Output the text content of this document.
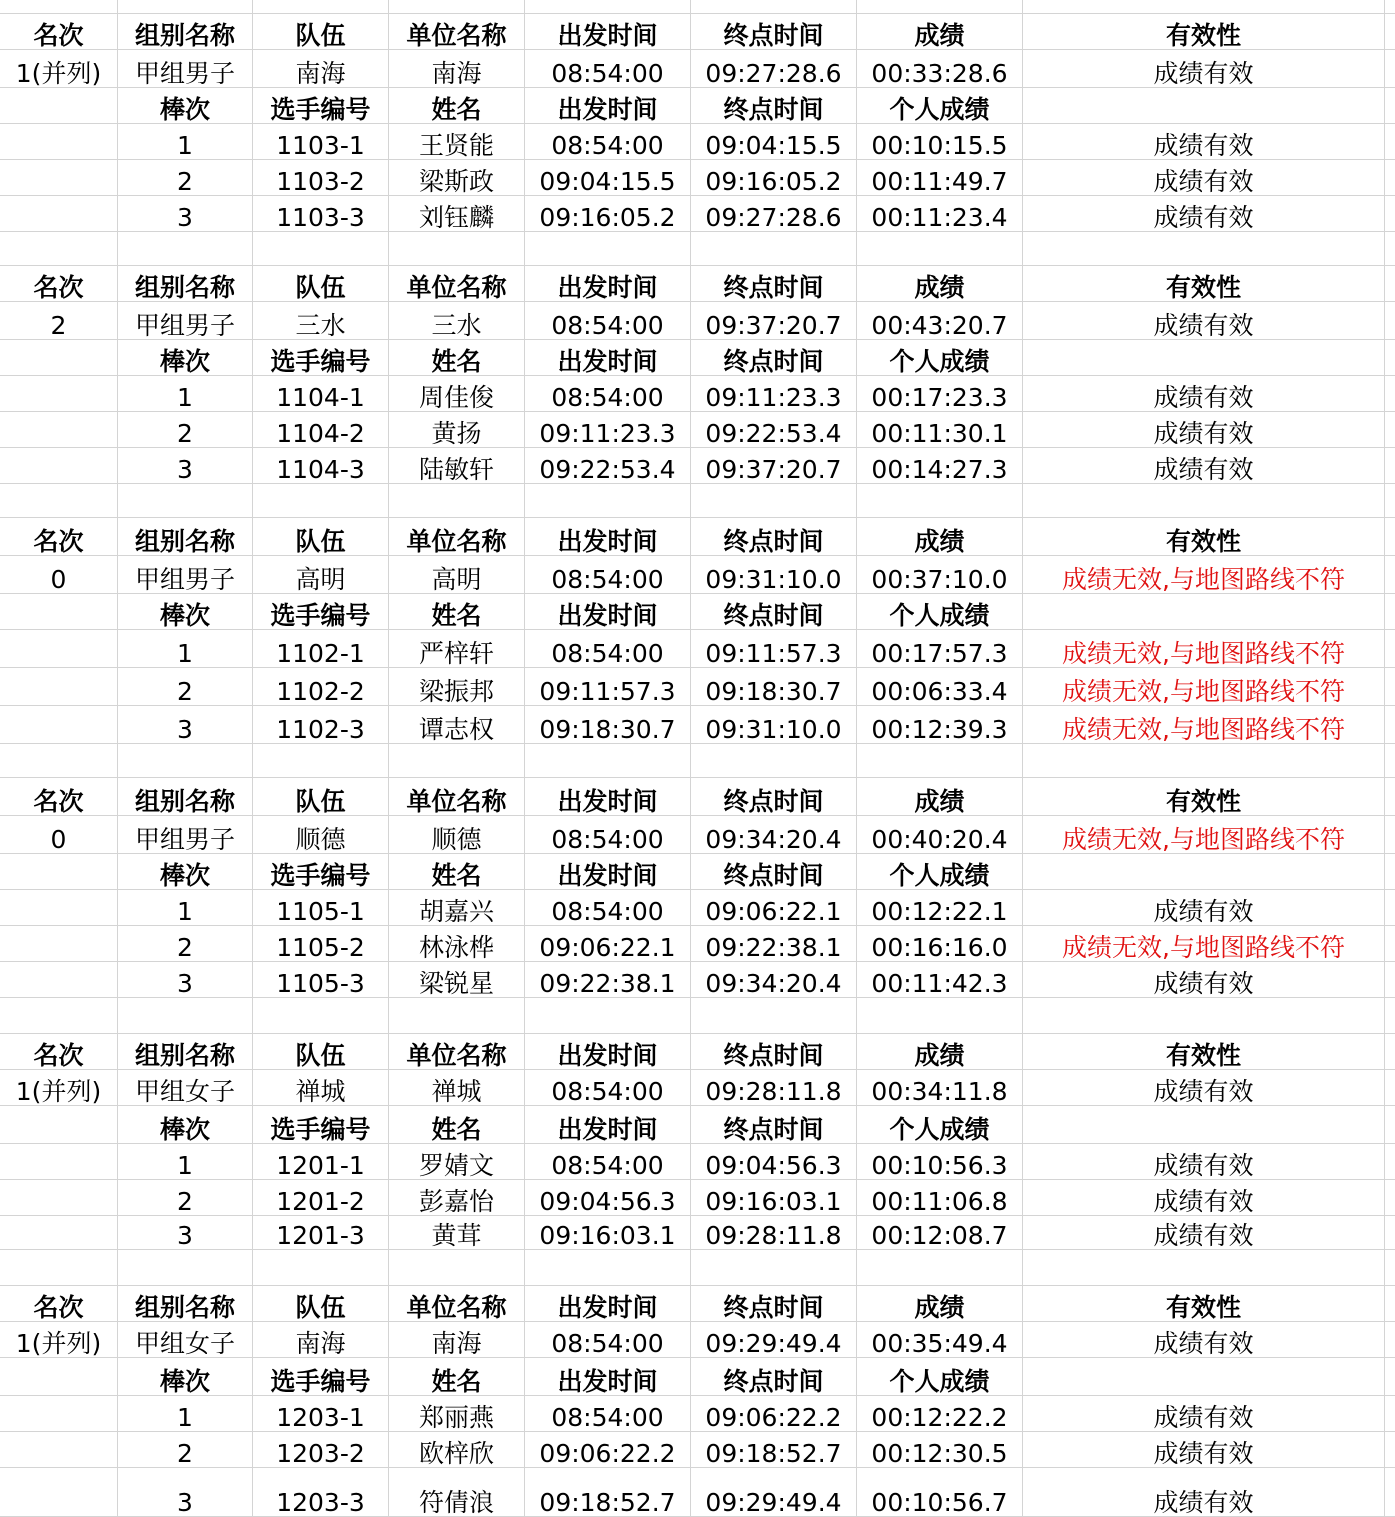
名次	组别名称	队伍	单位名称	出发时间	终点时间	成绩	有效性
1(并列)	甲组男子	南海	南海	08:54:00	09:27:28.6	00:33:28.6	成绩有效
棒次	选手编号	姓名	出发时间	终点时间	个人成绩
1	1103-1	王贤能	08:54:00	09:04:15.5	00:10:15.5	成绩有效
2	1103-2	梁斯政	09:04:15.5	09:16:05.2	00:11:49.7	成绩有效
3	1103-3	刘钰麟	09:16:05.2	09:27:28.6	00:11:23.4	成绩有效
名次	组别名称	队伍	单位名称	出发时间	终点时间	成绩	有效性
2	甲组男子	三水	三水	08:54:00	09:37:20.7	00:43:20.7	成绩有效
棒次	选手编号	姓名	出发时间	终点时间	个人成绩
1	1104-1	周佳俊	08:54:00	09:11:23.3	00:17:23.3	成绩有效
2	1104-2	黄扬	09:11:23.3	09:22:53.4	00:11:30.1	成绩有效
3	1104-3	陆敏轩	09:22:53.4	09:37:20.7	00:14:27.3	成绩有效
名次	组别名称	队伍	单位名称	出发时间	终点时间	成绩	有效性
0	甲组男子	高明	高明	08:54:00	09:31:10.0	00:37:10.0	成绩无效,与地图路线不符
棒次	选手编号	姓名	出发时间	终点时间	个人成绩
1	1102-1	严梓轩	08:54:00	09:11:57.3	00:17:57.3	成绩无效,与地图路线不符
2	1102-2	梁振邦	09:11:57.3	09:18:30.7	00:06:33.4	成绩无效,与地图路线不符
3	1102-3	谭志权	09:18:30.7	09:31:10.0	00:12:39.3	成绩无效,与地图路线不符
名次	组别名称	队伍	单位名称	出发时间	终点时间	成绩	有效性
0	甲组男子	顺德	顺德	08:54:00	09:34:20.4	00:40:20.4	成绩无效,与地图路线不符
棒次	选手编号	姓名	出发时间	终点时间	个人成绩
1	1105-1	胡嘉兴	08:54:00	09:06:22.1	00:12:22.1	成绩有效
2	1105-2	林泳桦	09:06:22.1	09:22:38.1	00:16:16.0	成绩无效,与地图路线不符
3	1105-3	梁锐星	09:22:38.1	09:34:20.4	00:11:42.3	成绩有效
名次	组别名称	队伍	单位名称	出发时间	终点时间	成绩	有效性
1(并列)	甲组女子	禅城	禅城	08:54:00	09:28:11.8	00:34:11.8	成绩有效
棒次	选手编号	姓名	出发时间	终点时间	个人成绩
1	1201-1	罗婧文	08:54:00	09:04:56.3	00:10:56.3	成绩有效
2	1201-2	彭嘉怡	09:04:56.3	09:16:03.1	00:11:06.8	成绩有效
3	1201-3	黄茸	09:16:03.1	09:28:11.8	00:12:08.7	成绩有效
名次	组别名称	队伍	单位名称	出发时间	终点时间	成绩	有效性
1(并列)	甲组女子	南海	南海	08:54:00	09:29:49.4	00:35:49.4	成绩有效
棒次	选手编号	姓名	出发时间	终点时间	个人成绩
1	1203-1	郑丽燕	08:54:00	09:06:22.2	00:12:22.2	成绩有效
2	1203-2	欧梓欣	09:06:22.2	09:18:52.7	00:12:30.5	成绩有效
3	1203-3	符倩浪	09:18:52.7	09:29:49.4	00:10:56.7	成绩有效
